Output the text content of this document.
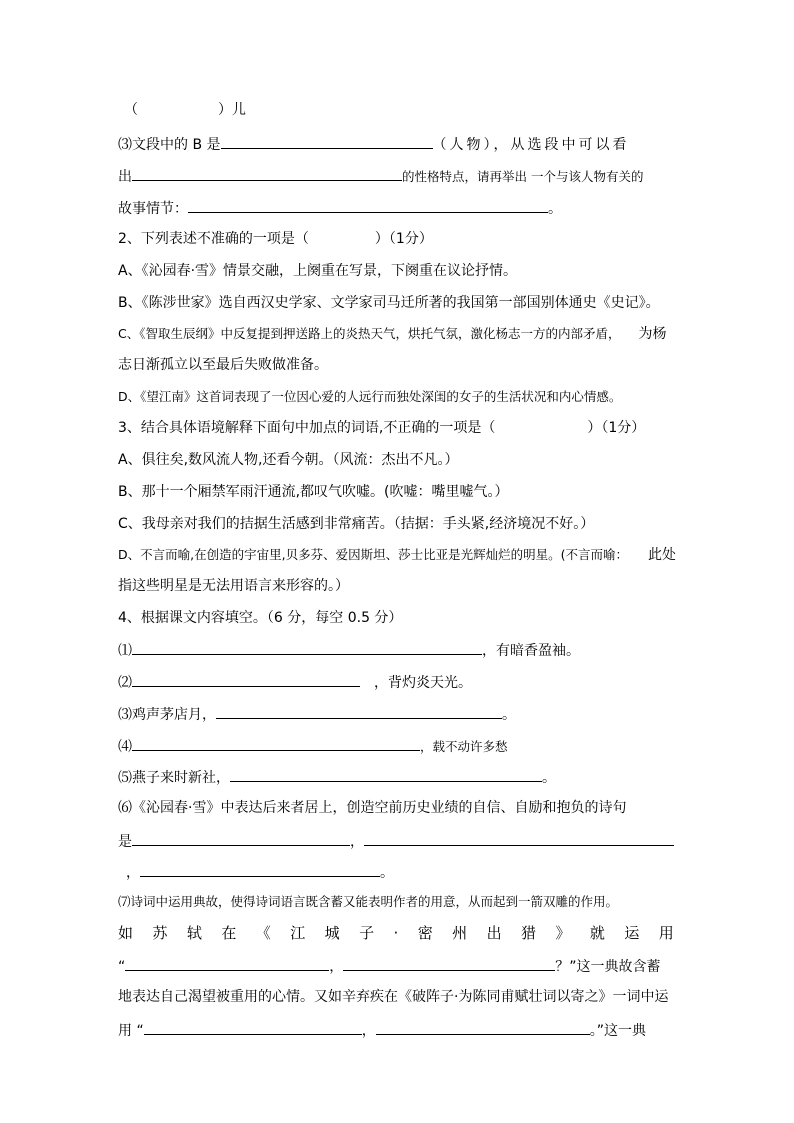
（	）儿
⑶文段中的 B 是	（人物），从选段中可以看
出	的性格特点，请再举出 一个与该人物有关的
故事情节：	。
2、下列表述不准确的一项是（	）（1分）
A、《沁园春·雪》情景交融，上阕重在写景，下阕重在议论抒情。
B、《陈涉世家》选自西汉史学家、文学家司马迁所著的我国第一部国别体通史《史记》。
C、《智取生辰纲》中反复提到押送路上的炎热天气，烘托气氛，激化杨志一方的内部矛盾， 为杨
志日渐孤立以至最后失败做准备。
D、《望江南》这首词表现了一位因心爱的人远行而独处深闺的女子的生活状况和内心情感。
3、结合具体语境解释下面句中加点的词语,不正确的一项是（	）（1分）
A、俱往矣,数风流人物,还看今朝。（风流：杰出不凡。）
B、那十一个厢禁军雨汗通流,都叹气吹嘘。(吹嘘：嘴里嘘气。）
C、我母亲对我们的拮据生活感到非常痛苦。（拮据：手头紧,经济境况不好。）
D、不言而喻,在创造的宇宙里,贝多芬、爱因斯坦、莎士比亚是光辉灿烂的明星。(不言而喻： 此处
指这些明星是无法用语言来形容的。）
4、根据课文内容填空。（6 分，每空 0.5 分）
⑴	，有暗香盈袖。
⑵	，背灼炎天光。
⑶鸡声茅店月，	。
⑷	，载不动许多愁
⑸燕子来时新社，	。
⑹《沁园春·雪》中表达后来者居上，创造空前历史业绩的自信、自励和抱负的诗句
是	，
，	。
⑺诗词中运用典故，使得诗词语言既含蓄又能表明作者的用意，从而起到一箭双雕的作用。
如 苏 轼 在 《 江 城 子 · 密 州 出 猎 》 就 运 用
“	，	？”这一典故含蓄
地表达自己渴望被重用的心情。又如辛弃疾在《破阵子·为陈同甫赋壮词以寄之》一词中运
用 “	，	。”这一典
